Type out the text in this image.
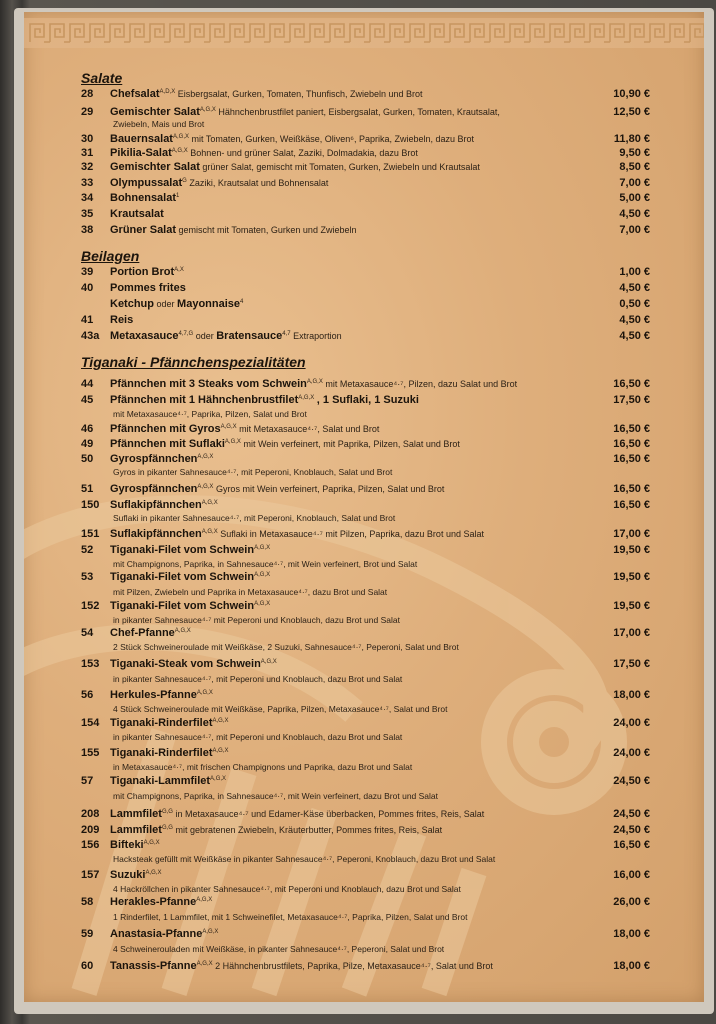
Salate
28 Chefsalat$^{A,D,X}$ Eisbergsalat, Gurken, Tomaten, Thunfisch, Zwiebeln und Brot	10,90 €
29 Gemischter Salat$^{A,G,X}$ Hähnchenbrustfilet paniert, Eisbergsalat, Gurken, Tomaten, Krautsalat,
Zwiebeln, Mais und Brot
12,50 €
30 Bauernsalat$^{A,G,X}$ mit Tomaten, Gurken, Weißkäse, Oliven⁶, Paprika, Zwiebeln, dazu Brot	11,80 €
31 Pikilia-Salat$^{A,G,X}$ Bohnen- und grüner Salat, Zaziki, Dolmadakia, dazu Brot	9,50 €
32 Gemischter Salat grüner Salat, gemischt mit Tomaten, Gurken, Zwiebeln und Krautsalat	8,50 €
33 Olympussalat$^G$ Zaziki, Krautsalat und Bohnensalat	7,00 €
34 Bohnensalat$^1$	5,00 €
35 Krautsalat	4,50 €
38 Grüner Salat gemischt mit Tomaten, Gurken und Zwiebeln	7,00 €
Beilagen
39 Portion Brot$^{A,X}$	1,00 €
40 Pommes frites	4,50 €
Ketchup oder Mayonnaise$^4$	0,50 €
41 Reis	4,50 €
43a Metaxasauce$^{4,7,G}$ oder Bratensauce$^{4,7}$ Extraportion	4,50 €
Tiganaki - Pfännchenspezialitäten
44 Pfännchen mit 3 Steaks vom Schwein$^{A,G,X}$ mit Metaxasauce⁴·⁷, Pilzen, dazu Salat und Brot	16,50 €
45 Pfännchen mit 1 Hähnchenbrustfilet$^{A,G,X}$ , 1 Suflaki, 1 Suzuki
mit Metaxasauce⁴·⁷, Paprika, Pilzen, Salat und Brot
17,50 €
46 Pfännchen mit Gyros$^{A,G,X}$ mit Metaxasauce⁴·⁷, Salat und Brot	16,50 €
49 Pfännchen mit Suflaki$^{A,G,X}$ mit Wein verfeinert, mit Paprika, Pilzen, Salat und Brot	16,50 €
50 Gyrospfännchen$^{A,G,X}$
Gyros in pikanter Sahnesauce⁴·⁷, mit Peperoni, Knoblauch, Salat und Brot
16,50 €
51 Gyrospfännchen$^{A,G,X}$ Gyros mit Wein verfeinert, Paprika, Pilzen, Salat und Brot	16,50 €
150 Suflakipfännchen$^{A,G,X}$
Suflaki in pikanter Sahnesauce⁴·⁷, mit Peperoni, Knoblauch, Salat und Brot
16,50 €
151 Suflakipfännchen$^{A,G,X}$ Suflaki in Metaxasauce⁴·⁷ mit Pilzen, Paprika, dazu Brot und Salat	17,00 €
52 Tiganaki-Filet vom Schwein$^{A,G,X}$
mit Champignons, Paprika, in Sahnesauce⁴·⁷, mit Wein verfeinert, Brot und Salat
19,50 €
53 Tiganaki-Filet vom Schwein$^{A,G,X}$
mit Pilzen, Zwiebeln und Paprika in Metaxasauce⁴·⁷, dazu Brot und Salat
19,50 €
152 Tiganaki-Filet vom Schwein$^{A,G,X}$
in pikanter Sahnesauce⁴·⁷ mit Peperoni und Knoblauch, dazu Brot und Salat
19,50 €
54 Chef-Pfanne$^{A,G,X}$
2 Stück Schweineroulade mit Weißkäse, 2 Suzuki, Sahnesauce⁴·⁷, Peperoni, Salat und Brot
17,00 €
153 Tiganaki-Steak vom Schwein$^{A,G,X}$
in pikanter Sahnesauce⁴·⁷, mit Peperoni und Knoblauch, dazu Brot und Salat
17,50 €
56 Herkules-Pfanne$^{A,G,X}$
4 Stück Schweineroulade mit Weißkäse, Paprika, Pilzen, Metaxasauce⁴·⁷, Salat und Brot
18,00 €
154 Tiganaki-Rinderfilet$^{A,G,X}$
in pikanter Sahnesauce⁴·⁷, mit Peperoni und Knoblauch, dazu Brot und Salat
24,00 €
155 Tiganaki-Rinderfilet$^{A,G,X}$
in Metaxasauce⁴·⁷, mit frischen Champignons und Paprika, dazu Brot und Salat
24,00 €
57 Tiganaki-Lammfilet$^{A,G,X}$
mit Champignons, Paprika, in Sahnesauce⁴·⁷, mit Wein verfeinert, dazu Brot und Salat
24,50 €
208 Lammfilet$^{G,G}$ in Metaxasauce⁴·⁷ und Edamer-Käse überbacken, Pommes frites, Reis, Salat	24,50 €
209 Lammfilet$^{G,G}$ mit gebratenen Zwiebeln, Kräuterbutter, Pommes frites, Reis, Salat	24,50 €
156 Bifteki$^{A,G,X}$
Hacksteak gefüllt mit Weißkäse in pikanter Sahnesauce⁴·⁷, Peperoni, Knoblauch, dazu Brot und Salat
16,50 €
157 Suzuki$^{A,G,X}$
4 Hackröllchen in pikanter Sahnesauce⁴·⁷, mit Peperoni und Knoblauch, dazu Brot und Salat
16,00 €
58 Herakles-Pfanne$^{A,G,X}$
1 Rinderfilet, 1 Lammfilet, mit 1 Schweinefilet, Metaxasauce⁴·⁷, Paprika, Pilzen, Salat und Brot
26,00 €
59 Anastasia-Pfanne$^{A,G,X}$
4 Schweinerouladen mit Weißkäse, in pikanter Sahnesauce⁴·⁷, Peperoni, Salat und Brot
18,00 €
60 Tanassis-Pfanne$^{A,G,X}$ 2 Hähnchenbrustfilets, Paprika, Pilze, Metaxasauce⁴·⁷, Salat und Brot	18,00 €
